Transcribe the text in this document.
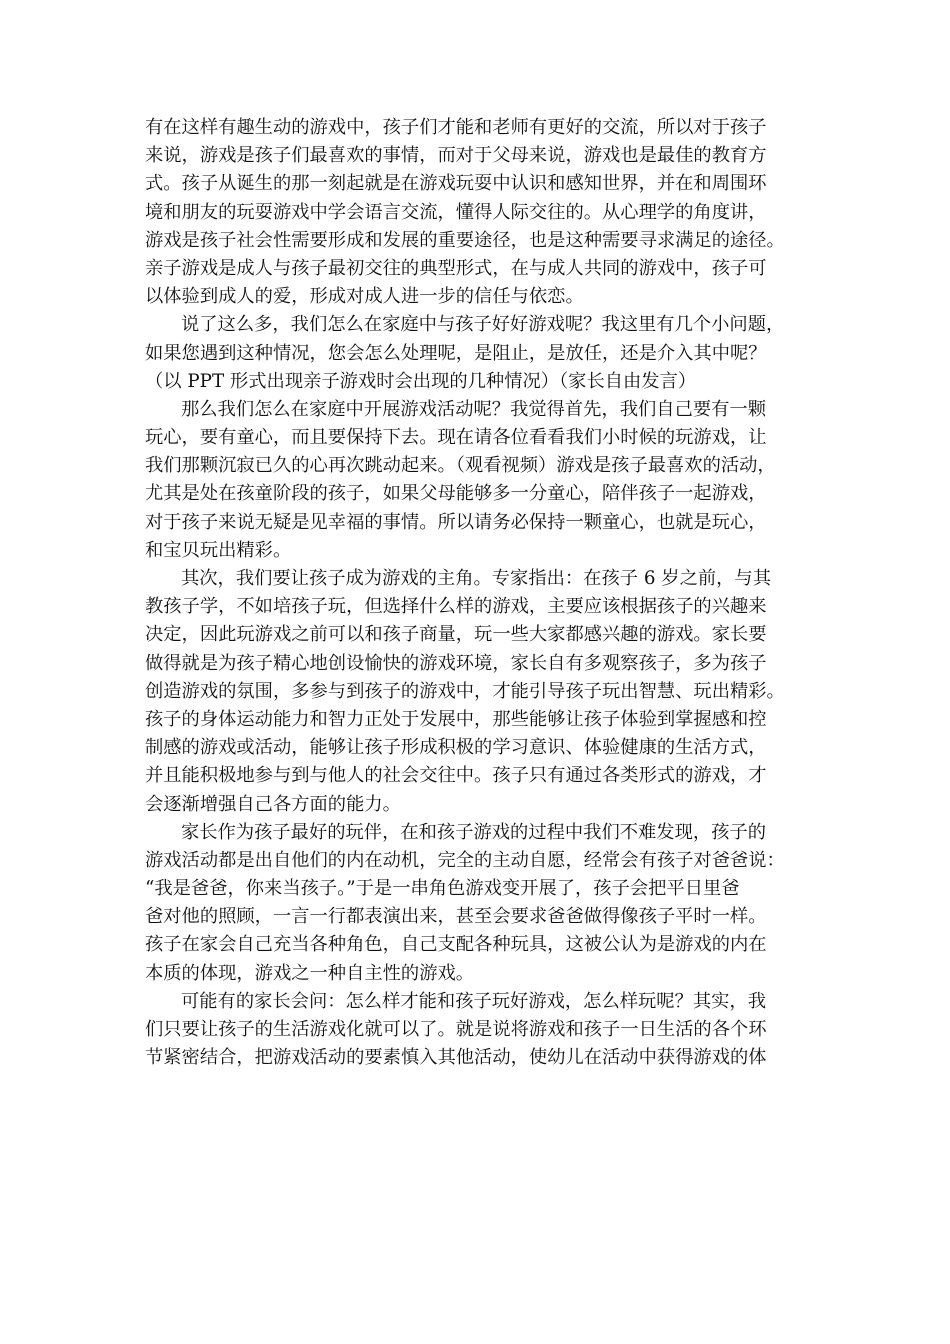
有在这样有趣生动的游戏中，孩子们才能和老师有更好的交流，所以对于孩子
来说，游戏是孩子们最喜欢的事情，而对于父母来说，游戏也是最佳的教育方
式。孩子从诞生的那一刻起就是在游戏玩耍中认识和感知世界，并在和周围环
境和朋友的玩耍游戏中学会语言交流，懂得人际交往的。从心理学的角度讲，
游戏是孩子社会性需要形成和发展的重要途径，也是这种需要寻求满足的途径。
亲子游戏是成人与孩子最初交往的典型形式，在与成人共同的游戏中，孩子可
以体验到成人的爱，形成对成人进一步的信任与依恋。
说了这么多，我们怎么在家庭中与孩子好好游戏呢？我这里有几个小问题，
如果您遇到这种情况，您会怎么处理呢，是阻止，是放任，还是介入其中呢？
（以 PPT 形式出现亲子游戏时会出现的几种情况）（家长自由发言）
那么我们怎么在家庭中开展游戏活动呢？我觉得首先，我们自己要有一颗
玩心，要有童心，而且要保持下去。现在请各位看看我们小时候的玩游戏，让
我们那颗沉寂已久的心再次跳动起来。（观看视频）游戏是孩子最喜欢的活动，
尤其是处在孩童阶段的孩子，如果父母能够多一分童心，陪伴孩子一起游戏，
对于孩子来说无疑是见幸福的事情。所以请务必保持一颗童心，也就是玩心，
和宝贝玩出精彩。
其次，我们要让孩子成为游戏的主角。专家指出：在孩子 6 岁之前，与其
教孩子学，不如培孩子玩，但选择什么样的游戏，主要应该根据孩子的兴趣来
决定，因此玩游戏之前可以和孩子商量，玩一些大家都感兴趣的游戏。家长要
做得就是为孩子精心地创设愉快的游戏环境，家长自有多观察孩子，多为孩子
创造游戏的氛围，多参与到孩子的游戏中，才能引导孩子玩出智慧、玩出精彩。
孩子的身体运动能力和智力正处于发展中，那些能够让孩子体验到掌握感和控
制感的游戏或活动，能够让孩子形成积极的学习意识、体验健康的生活方式，
并且能积极地参与到与他人的社会交往中。孩子只有通过各类形式的游戏，才
会逐渐增强自己各方面的能力。
家长作为孩子最好的玩伴，在和孩子游戏的过程中我们不难发现，孩子的
游戏活动都是出自他们的内在动机，完全的主动自愿，经常会有孩子对爸爸说：
“我是爸爸，你来当孩子。”于是一串角色游戏变开展了，孩子会把平日里爸
爸对他的照顾，一言一行都表演出来，甚至会要求爸爸做得像孩子平时一样。
孩子在家会自己充当各种角色，自己支配各种玩具，这被公认为是游戏的内在
本质的体现，游戏之一种自主性的游戏。
可能有的家长会问：怎么样才能和孩子玩好游戏，怎么样玩呢？其实，我
们只要让孩子的生活游戏化就可以了。就是说将游戏和孩子一日生活的各个环
节紧密结合，把游戏活动的要素慎入其他活动，使幼儿在活动中获得游戏的体
